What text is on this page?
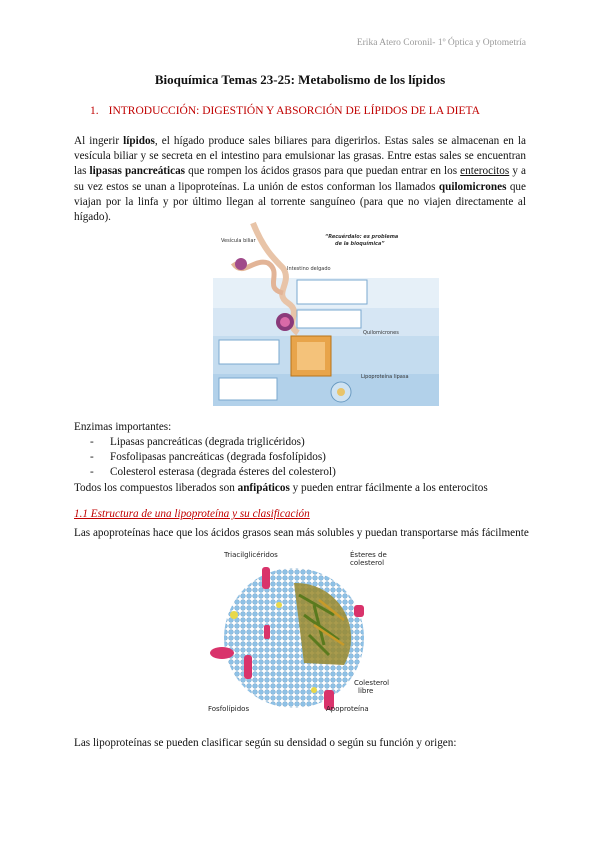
Erika Atero Coronil- 1º Óptica y Optometría
Bioquímica Temas 23-25: Metabolismo de los lípidos
1. INTRODUCCIÓN: DIGESTIÓN Y ABSORCIÓN DE LÍPIDOS DE LA DIETA
Al ingerir lípidos, el hígado produce sales biliares para digerirlos. Estas sales se almacenan en la vesícula biliar y se secreta en el intestino para emulsionar las grasas. Entre estas sales se encuentran las lipasas pancreáticas que rompen los ácidos grasos para que puedan entrar en los enterocitos y a su vez estos se unan a lipoproteínas. La unión de estos conforman los llamados quilomicrones que viajan por la linfa y por último llegan al torrente sanguíneo (para que no viajen directamente al hígado).
“Recuérdalo: es problema
de la bioquímica”
Vesícula biliar
Intestino delgado
Quilomicrones
Lipoproteína lipasa
Enzimas importantes:
- Lipasas pancreáticas (degrada triglicéridos)
- Fosfolipasas pancreáticas (degrada fosfolípidos)
- Colesterol esterasa (degrada ésteres del colesterol)
Todos los compuestos liberados son anfipáticos y pueden entrar fácilmente a los enterocitos
1.1 Estructura de una lipoproteína y su clasificación
Las apoproteínas hace que los ácidos grasos sean más solubles y puedan transportarse más fácilmente
Triacilglicéridos	Ésteres de
colesterol
Colesterol
libre
Fosfolípidos	Apoproteína
Las lipoproteínas se pueden clasificar según su densidad o según su función y origen:
